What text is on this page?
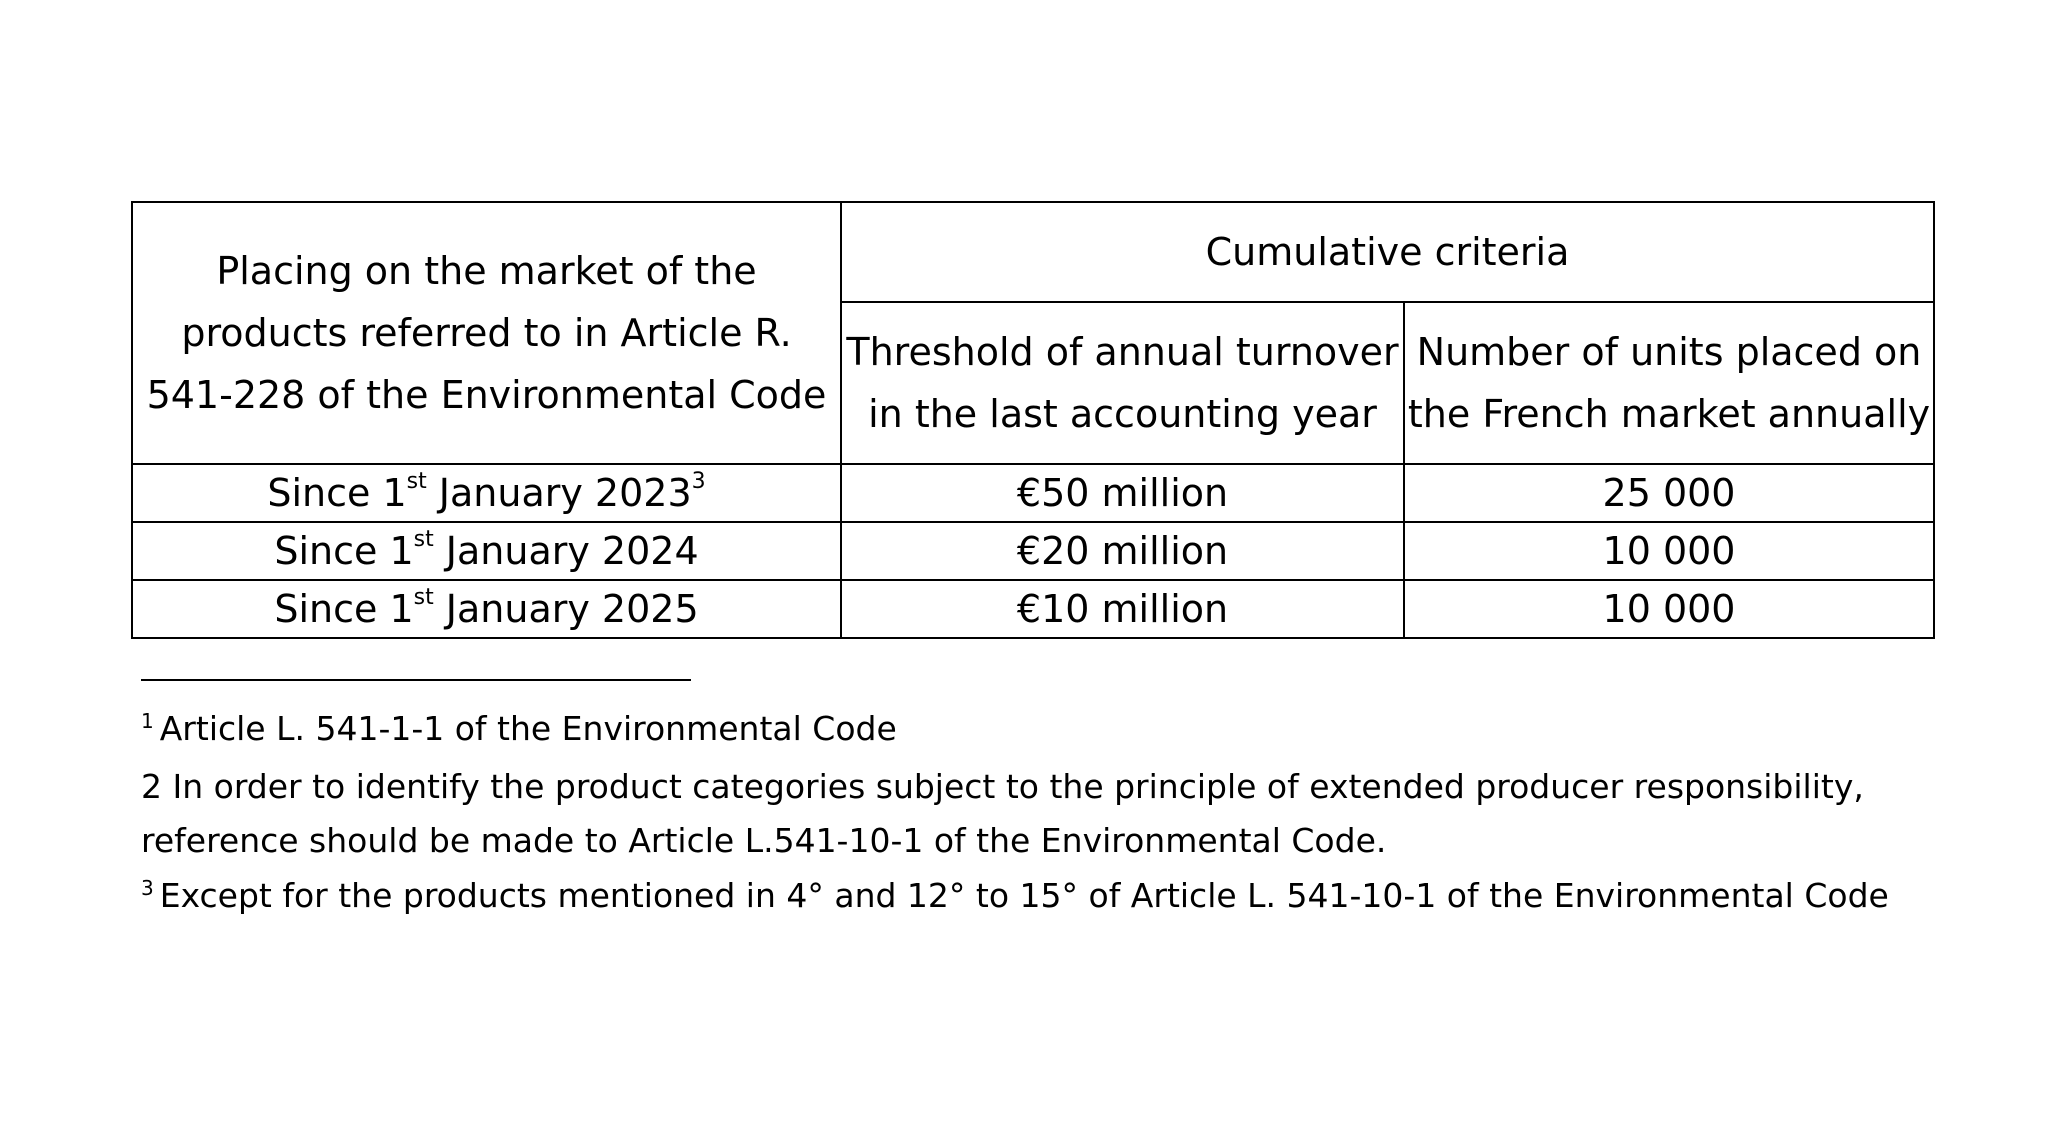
Placing on the market of the products referred to in Article R. 541-228 of the Environmental Code	Cumulative criteria	
	Threshold of annual turnover in the last accounting year	Number of units placed on the French market annually
Since 1st January 2023$^3$	€50 million	25 000
Since 1st January 2024	€20 million	10 000
Since 1st January 2025	€10 million	10 000

$^1$ Article L. 541-1-1 of the Environmental Code

2 In order to identify the product categories subject to the principle of extended producer responsibility, reference should be made to Article L.541-10-1 of the Environmental Code.

$^3$ Except for the products mentioned in 4° and 12° to 15° of Article L. 541-10-1 of the Environmental Code
